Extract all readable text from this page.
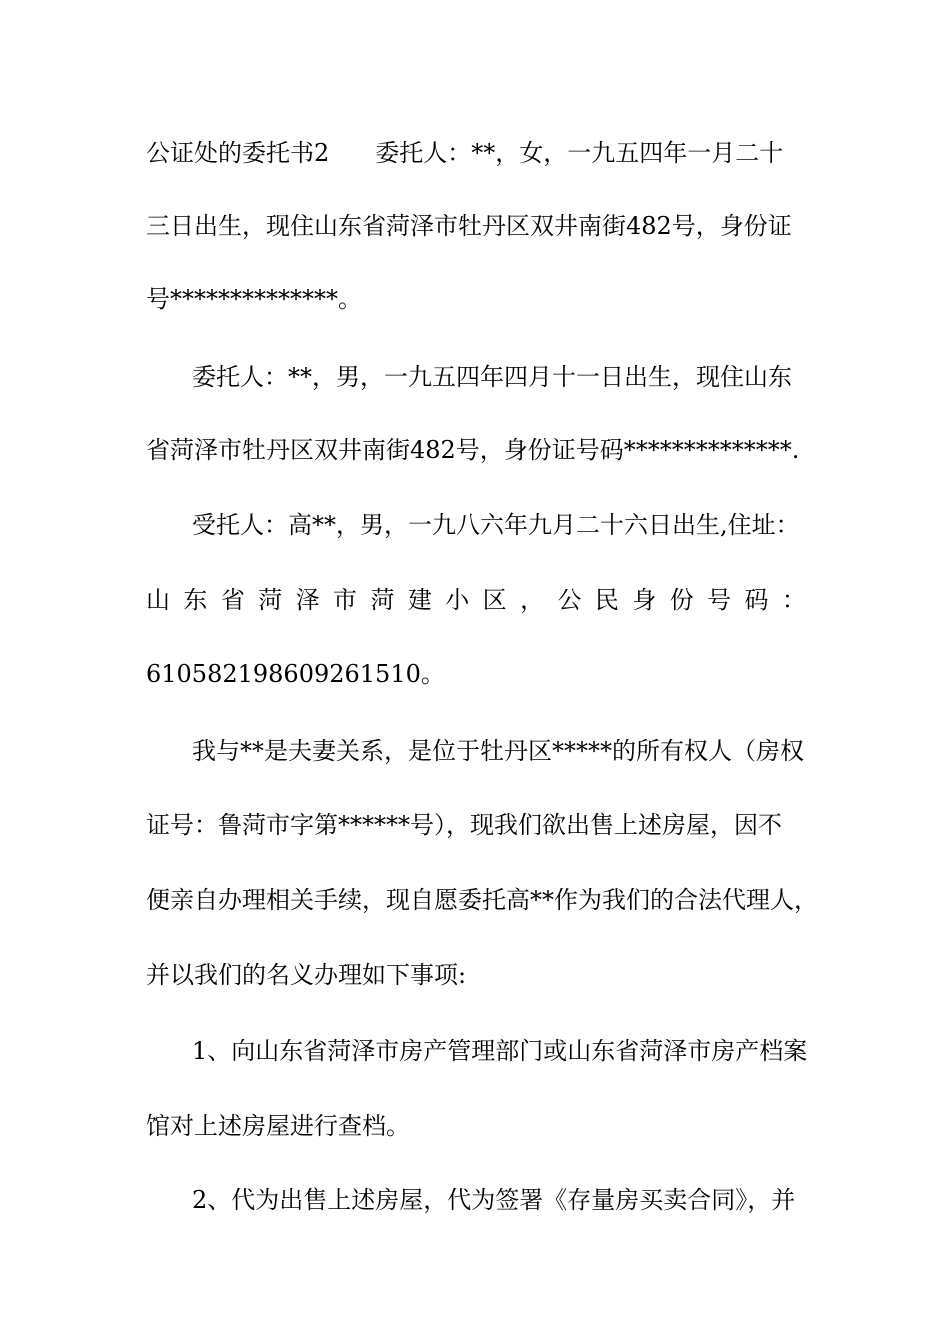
公证处的委托书2 委托人：**，女，一九五四年一月二十
三日出生，现住山东省菏泽市牡丹区双井南街482号，身份证
号**************。
委托人：**，男，一九五四年四月十一日出生，现住山东
省菏泽市牡丹区双井南街482号，身份证号码**************.
受托人：高**，男，一九八六年九月二十六日出生,住址：
山 东 省 菏 泽 市 菏 建 小 区 ， 公 民 身 份 号 码 ：
610582198609261510。
我与**是夫妻关系，是位于牡丹区*****的所有权人（房权
证号：鲁菏市字第******号），现我们欲出售上述房屋，因不
便亲自办理相关手续，现自愿委托高**作为我们的合法代理人，
并以我们的名义办理如下事项:
1、向山东省菏泽市房产管理部门或山东省菏泽市房产档案
馆对上述房屋进行查档。
2、代为出售上述房屋，代为签署《存量房买卖合同》，并
